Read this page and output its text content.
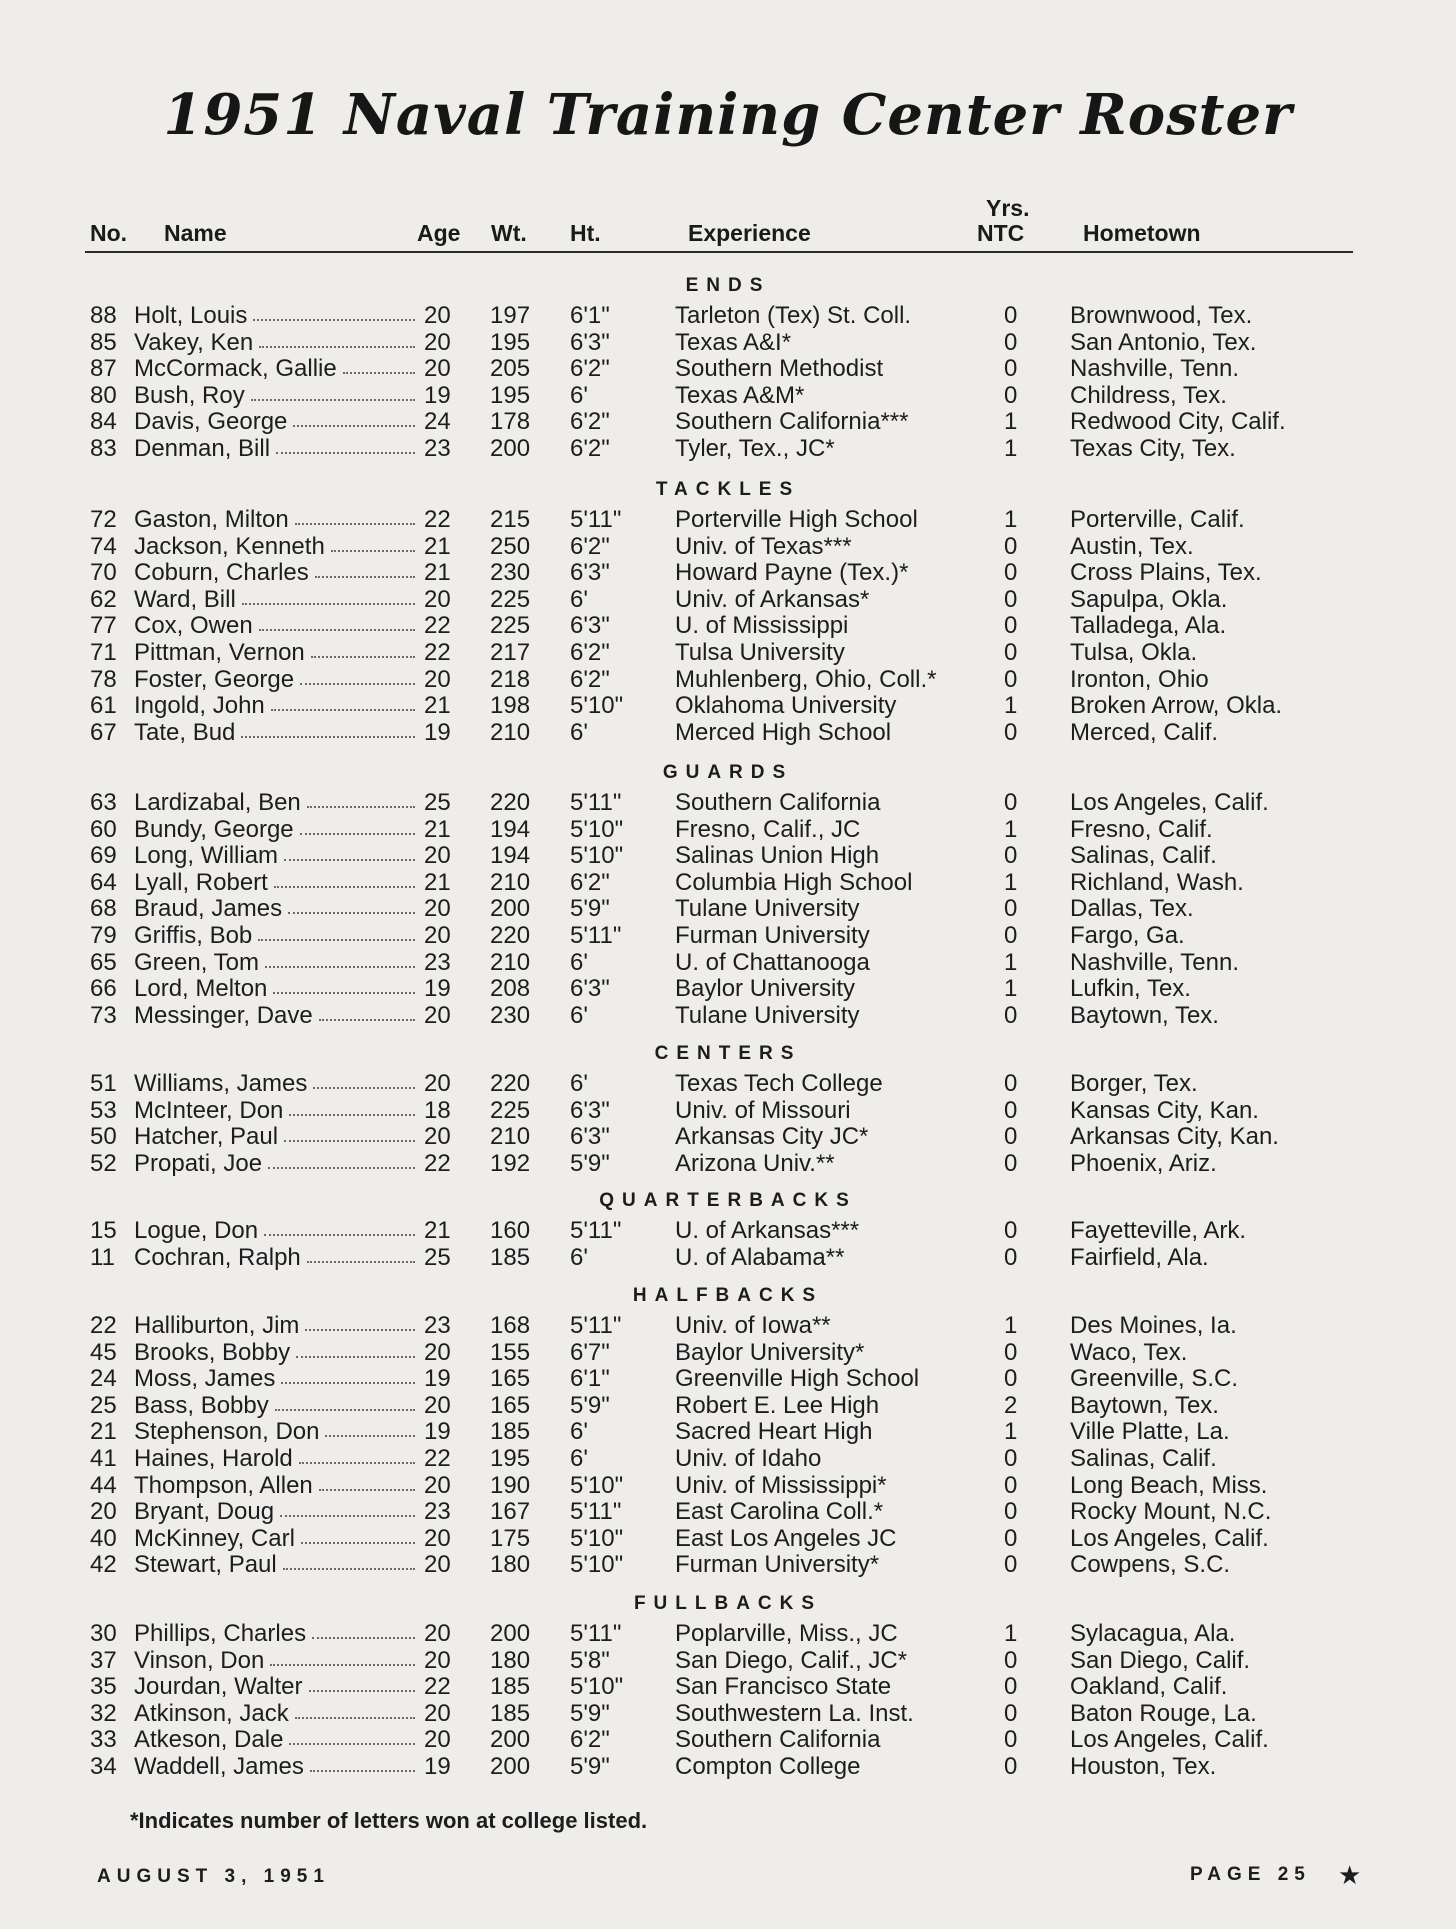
1951 Naval Training Center Roster
No. Name	Age Wt. Ht.	Experience
Yrs.
NTC	Hometown
ENDS
88 Holt, Louis	20 197 6'1"	Tarleton (Tex) St. Coll.	0 Brownwood, Tex.
85 Vakey, Ken	20 195 6'3"	Texas A&I*	0 San Antonio, Tex.
87 McCormack, Gallie	20 205 6'2"	Southern Methodist	0 Nashville, Tenn.
80 Bush, Roy	19 195 6'	Texas A&M*	0 Childress, Tex.
84 Davis, George	24 178 6'2"	Southern California***	1 Redwood City, Calif.
83 Denman, Bill	23 200 6'2"	Tyler, Tex., JC*	1 Texas City, Tex.
TACKLES
72 Gaston, Milton	22 215 5'11" Porterville High School	1 Porterville, Calif.
74 Jackson, Kenneth	21 250 6'2"	Univ. of Texas***	0 Austin, Tex.
70 Coburn, Charles	21 230 6'3"	Howard Payne (Tex.)*	0 Cross Plains, Tex.
62 Ward, Bill	20 225 6'	Univ. of Arkansas*	0 Sapulpa, Okla.
77 Cox, Owen	22 225 6'3"	U. of Mississippi	0 Talladega, Ala.
71 Pittman, Vernon	22 217 6'2"	Tulsa University	0 Tulsa, Okla.
78 Foster, George	20 218 6'2"	Muhlenberg, Ohio, Coll.*	0 Ironton, Ohio
61 Ingold, John	21 198 5'10" Oklahoma University	1 Broken Arrow, Okla.
67 Tate, Bud	19 210 6'	Merced High School	0 Merced, Calif.
GUARDS
63 Lardizabal, Ben	25 220 5'11" Southern California	0 Los Angeles, Calif.
60 Bundy, George	21 194 5'10" Fresno, Calif., JC	1 Fresno, Calif.
69 Long, William	20 194 5'10" Salinas Union High	0 Salinas, Calif.
64 Lyall, Robert	21 210 6'2"	Columbia High School	1 Richland, Wash.
68 Braud, James	20 200 5'9"	Tulane University	0 Dallas, Tex.
79 Griffis, Bob	20 220 5'11" Furman University	0 Fargo, Ga.
65 Green, Tom	23 210 6'	U. of Chattanooga	1 Nashville, Tenn.
66 Lord, Melton	19 208 6'3"	Baylor University	1 Lufkin, Tex.
73 Messinger, Dave	20 230 6'	Tulane University	0 Baytown, Tex.
CENTERS
51 Williams, James	20 220 6'	Texas Tech College	0 Borger, Tex.
53 McInteer, Don	18 225 6'3"	Univ. of Missouri	0 Kansas City, Kan.
50 Hatcher, Paul	20 210 6'3"	Arkansas City JC*	0 Arkansas City, Kan.
52 Propati, Joe	22 192 5'9"	Arizona Univ.**	0 Phoenix, Ariz.
QUARTERBACKS
15 Logue, Don	21 160 5'11" U. of Arkansas***	0 Fayetteville, Ark.
11 Cochran, Ralph	25 185 6'	U. of Alabama**	0 Fairfield, Ala.
HALFBACKS
22 Halliburton, Jim	23 168 5'11" Univ. of Iowa**	1 Des Moines, Ia.
45 Brooks, Bobby	20 155 6'7"	Baylor University*	0 Waco, Tex.
24 Moss, James	19 165 6'1"	Greenville High School	0 Greenville, S.C.
25 Bass, Bobby	20 165 5'9"	Robert E. Lee High	2 Baytown, Tex.
21 Stephenson, Don	19 185 6'	Sacred Heart High	1 Ville Platte, La.
41 Haines, Harold	22 195 6'	Univ. of Idaho	0 Salinas, Calif.
44 Thompson, Allen	20 190 5'10" Univ. of Mississippi*	0 Long Beach, Miss.
20 Bryant, Doug	23 167 5'11" East Carolina Coll.*	0 Rocky Mount, N.C.
40 McKinney, Carl	20 175 5'10" East Los Angeles JC	0 Los Angeles, Calif.
42 Stewart, Paul	20 180 5'10" Furman University*	0 Cowpens, S.C.
FULLBACKS
30 Phillips, Charles	20 200 5'11" Poplarville, Miss., JC	1 Sylacagua, Ala.
37 Vinson, Don	20 180 5'8"	San Diego, Calif., JC*	0 San Diego, Calif.
35 Jourdan, Walter	22 185 5'10" San Francisco State	0 Oakland, Calif.
32 Atkinson, Jack	20 185 5'9"	Southwestern La. Inst.	0 Baton Rouge, La.
33 Atkeson, Dale	20 200 6'2"	Southern California	0 Los Angeles, Calif.
34 Waddell, James	19 200 5'9"	Compton College	0 Houston, Tex.
*Indicates number of letters won at college listed.
AUGUST 3, 1951	PAGE 25 ★
